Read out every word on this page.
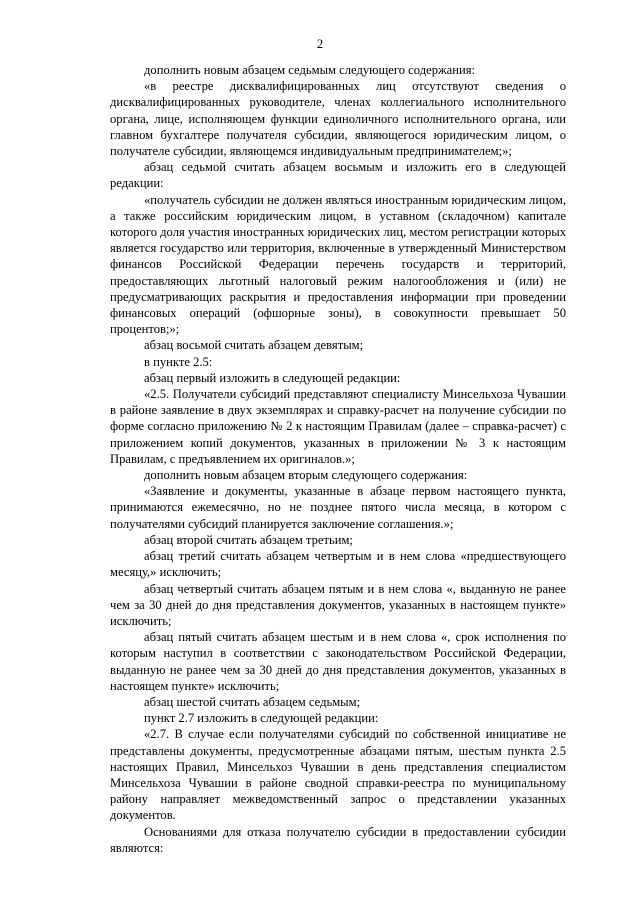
2

дополнить новым абзацем седьмым следующего содержания:

«в реестре дисквалифицированных лиц отсутствуют сведения о дисквалифицированных руководителе, членах коллегиального исполнительного органа, лице, исполняющем функции единоличного исполнительного органа, или главном бухгалтере получателя субсидии, являющегося юридическим лицом, о получателе субсидии, являющемся индивидуальным предпринимателем;»;

абзац седьмой считать абзацем восьмым и изложить его в следующей редакции:

«получатель субсидии не должен являться иностранным юридическим лицом, а также российским юридическим лицом, в уставном (складочном) капитале которого доля участия иностранных юридических лиц, местом регистрации которых является государство или территория, включенные в утвержденный Министерством финансов Российской Федерации перечень государств и территорий, предоставляющих льготный налоговый режим налогообложения и (или) не предусматривающих раскрытия и предоставления информации при проведении финансовых операций (офшорные зоны), в совокупности превышает 50 процентов;»;

абзац восьмой считать абзацем девятым;

в пункте 2.5:

абзац первый изложить в следующей редакции:

«2.5. Получатели субсидий представляют специалисту Минсельхоза Чувашии в районе заявление в двух экземплярах и справку-расчет на получение субсидии по форме согласно приложению № 2 к настоящим Правилам (далее – справка-расчет) с приложением копий документов, указанных в приложении № 3 к настоящим Правилам, с предъявлением их оригиналов.»;

дополнить новым абзацем вторым следующего содержания:

«Заявление и документы, указанные в абзаце первом настоящего пункта, принимаются ежемесячно, но не позднее пятого числа месяца, в котором с получателями субсидий планируется заключение соглашения.»;

абзац второй считать абзацем третьим;

абзац третий считать абзацем четвертым и в нем слова «предшествующего месяцу,» исключить;

абзац четвертый считать абзацем пятым и в нем слова «, выданную не ранее чем за 30 дней до дня представления документов, указанных в настоящем пункте» исключить;

абзац пятый считать абзацем шестым и в нем слова «, срок исполнения по которым наступил в соответствии с законодательством Российской Федерации, выданную не ранее чем за 30 дней до дня представления документов, указанных в настоящем пункте» исключить;

абзац шестой считать абзацем седьмым;

пункт 2.7 изложить в следующей редакции:

«2.7. В случае если получателями субсидий по собственной инициативе не представлены документы, предусмотренные абзацами пятым, шестым пункта 2.5 настоящих Правил, Минсельхоз Чувашии в день представления специалистом Минсельхоза Чувашии в районе сводной справки-реестра по муниципальному району направляет межведомственный запрос о представлении указанных документов.

Основаниями для отказа получателю субсидии в предоставлении субсидии являются:
